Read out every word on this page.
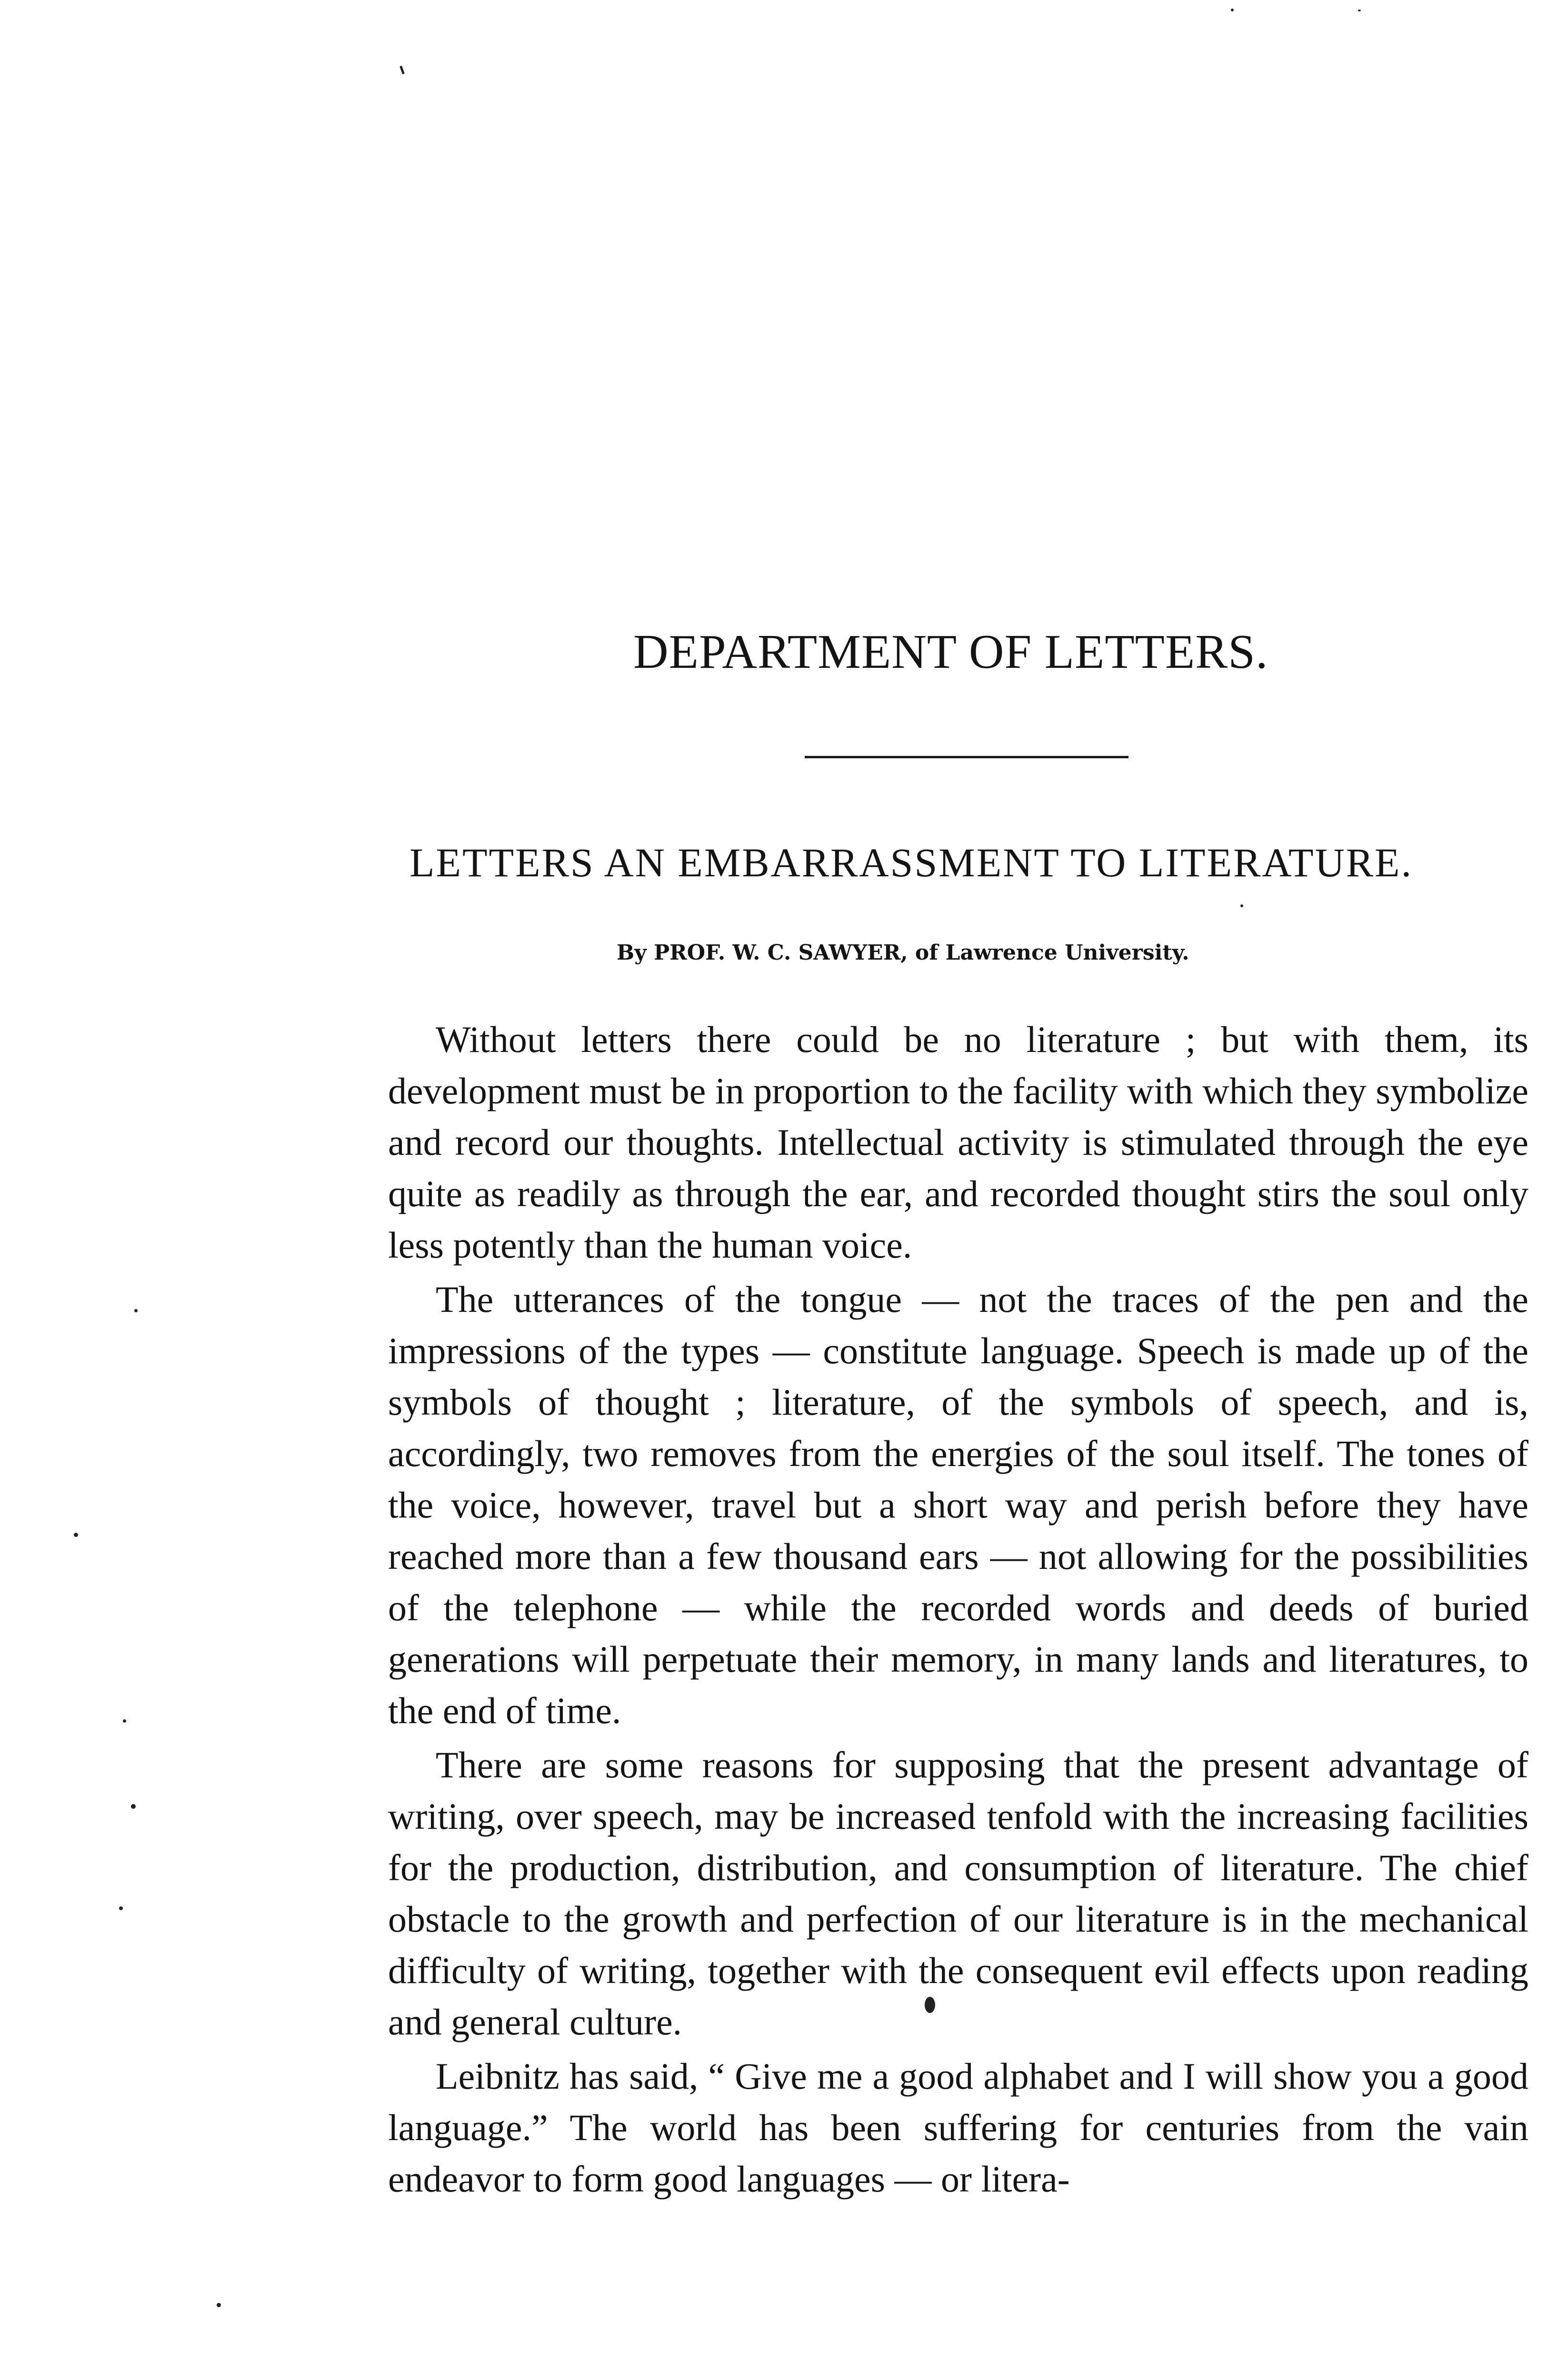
DEPARTMENT OF LETTERS.
LETTERS AN EMBARRASSMENT TO LITERATURE.
By PROF. W. C. SAWYER, of Lawrence University.

Without letters there could be no literature ; but with them, its development must be in proportion to the facility with which they symbolize and record our thoughts. Intellectual activity is stimulated through the eye quite as readily as through the ear, and recorded thought stirs the soul only less potently than the human voice.

The utterances of the tongue — not the traces of the pen and the impressions of the types — constitute language. Speech is made up of the symbols of thought ; literature, of the symbols of speech, and is, accordingly, two removes from the energies of the soul itself. The tones of the voice, however, travel but a short way and perish before they have reached more than a few thousand ears — not allowing for the possibilities of the telephone — while the recorded words and deeds of buried generations will perpetuate their memory, in many lands and literatures, to the end of time.

There are some reasons for supposing that the present advantage of writing, over speech, may be increased tenfold with the increasing facilities for the production, distribution, and consumption of literature. The chief obstacle to the growth and perfection of our literature is in the mechanical difficulty of writing, together with the consequent evil effects upon reading and general culture.

Leibnitz has said, “ Give me a good alphabet and I will show you a good language.” The world has been suffering for centuries from the vain endeavor to form good languages — or litera-
